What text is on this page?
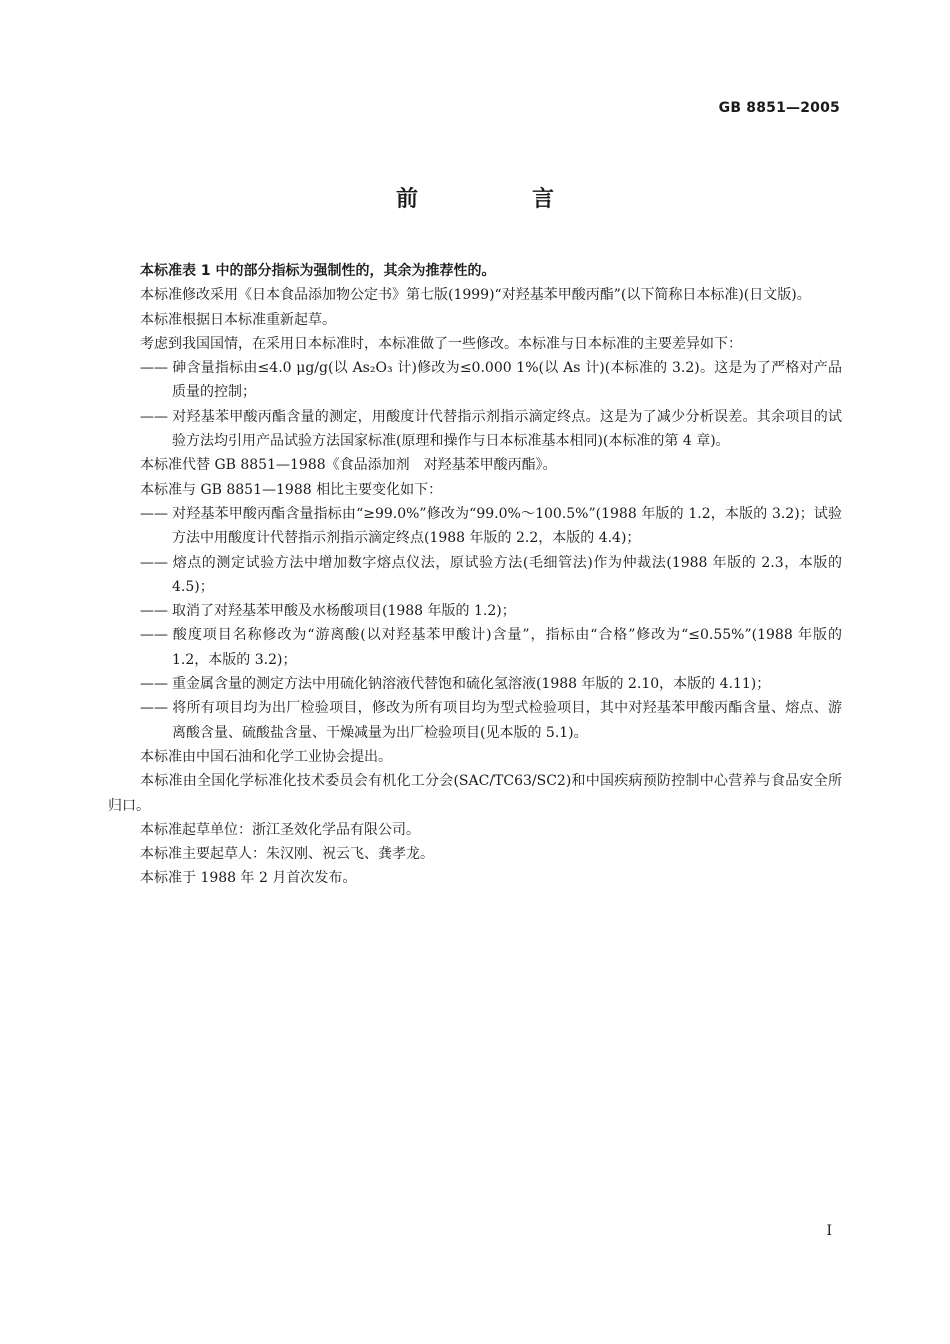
GB 8851—2005
前　言

本标准表 1 中的部分指标为强制性的，其余为推荐性的。

本标准修改采用《日本食品添加物公定书》第七版(1999)“对羟基苯甲酸丙酯”(以下简称日本标准)(日文版)。

本标准根据日本标准重新起草。

考虑到我国国情，在采用日本标准时，本标准做了一些修改。本标准与日本标准的主要差异如下：

—— 砷含量指标由≤4.0 μg/g(以 As₂O₃ 计)修改为≤0.000 1%(以 As 计)(本标准的 3.2)。这是为了严格对产品质量的控制；

—— 对羟基苯甲酸丙酯含量的测定，用酸度计代替指示剂指示滴定终点。这是为了减少分析误差。其余项目的试验方法均引用产品试验方法国家标准(原理和操作与日本标准基本相同)(本标准的第 4 章)。

本标准代替 GB 8851—1988《食品添加剂　对羟基苯甲酸丙酯》。

本标准与 GB 8851—1988 相比主要变化如下：

—— 对羟基苯甲酸丙酯含量指标由“≥99.0%”修改为“99.0%～100.5%”(1988 年版的 1.2，本版的 3.2)；试验方法中用酸度计代替指示剂指示滴定终点(1988 年版的 2.2，本版的 4.4)；

—— 熔点的测定试验方法中增加数字熔点仪法，原试验方法(毛细管法)作为仲裁法(1988 年版的 2.3，本版的 4.5)；

—— 取消了对羟基苯甲酸及水杨酸项目(1988 年版的 1.2)；

—— 酸度项目名称修改为“游离酸(以对羟基苯甲酸计)含量”，指标由“合格”修改为“≤0.55%”(1988 年版的 1.2，本版的 3.2)；

—— 重金属含量的测定方法中用硫化钠溶液代替饱和硫化氢溶液(1988 年版的 2.10，本版的 4.11)；

—— 将所有项目均为出厂检验项目，修改为所有项目均为型式检验项目，其中对羟基苯甲酸丙酯含量、熔点、游离酸含量、硫酸盐含量、干燥减量为出厂检验项目(见本版的 5.1)。

本标准由中国石油和化学工业协会提出。

本标准由全国化学标准化技术委员会有机化工分会(SAC/TC63/SC2)和中国疾病预防控制中心营养与食品安全所归口。

本标准起草单位：浙江圣效化学品有限公司。

本标准主要起草人：朱汉刚、祝云飞、龚孝龙。

本标准于 1988 年 2 月首次发布。

I
